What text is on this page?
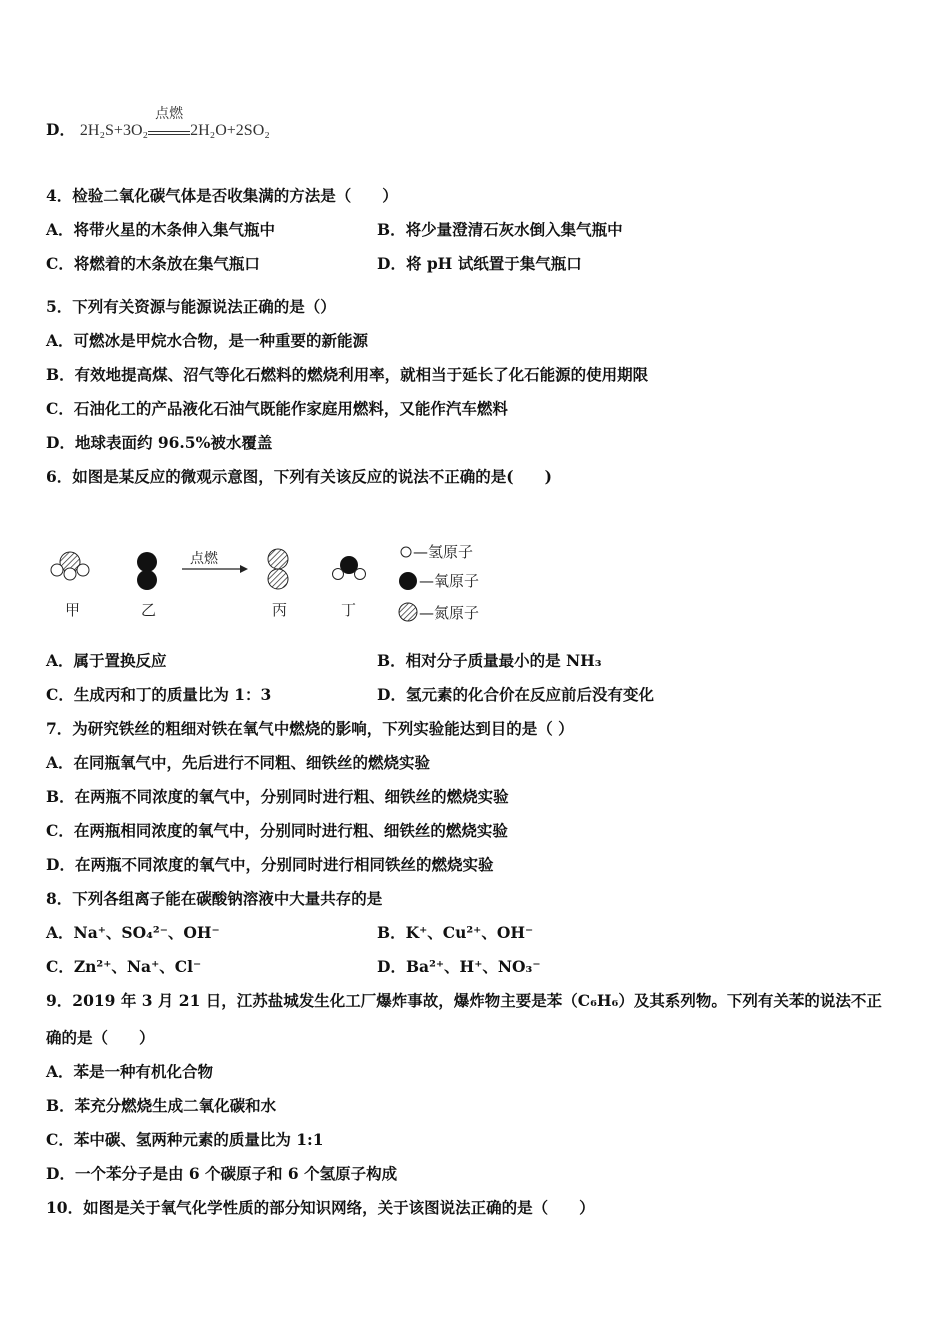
D． 2H₂S+3O₂
点燃
2H₂O+2SO₂
4．检验二氧化碳气体是否收集满的方法是（　　）
A．将带火星的木条伸入集气瓶中	B．将少量澄清石灰水倒入集气瓶中
C．将燃着的木条放在集气瓶口	D．将 pH 试纸置于集气瓶口
5．下列有关资源与能源说法正确的是（）
A．可燃冰是甲烷水合物，是一种重要的新能源
B．有效地提高煤、沼气等化石燃料的燃烧利用率，就相当于延长了化石能源的使用期限
C．石油化工的产品液化石油气既能作家庭用燃料，又能作汽车燃料
D．地球表面约 96.5%被水覆盖
6．如图是某反应的微观示意图，下列有关该反应的说法不正确的是(　　)
点燃
甲	乙	丙	丁
—氢原子
—氧原子
—氮原子
A．属于置换反应	B．相对分子质量最小的是 NH₃
C．生成丙和丁的质量比为 1：3	D．氢元素的化合价在反应前后没有变化
7．为研究铁丝的粗细对铁在氧气中燃烧的影响，下列实验能达到目的是（ ）
A．在同瓶氧气中，先后进行不同粗、细铁丝的燃烧实验
B．在两瓶不同浓度的氧气中，分别同时进行粗、细铁丝的燃烧实验
C．在两瓶相同浓度的氧气中，分别同时进行粗、细铁丝的燃烧实验
D．在两瓶不同浓度的氧气中，分别同时进行相同铁丝的燃烧实验
8．下列各组离子能在碳酸钠溶液中大量共存的是
A．Na⁺、SO₄²⁻、OH⁻	B．K⁺、Cu²⁺、OH⁻
C．Zn²⁺、Na⁺、Cl⁻	D．Ba²⁺、H⁺、NO₃⁻
9．2019 年 3 月 21 日，江苏盐城发生化工厂爆炸事故，爆炸物主要是苯（C₆H₆）及其系列物。下列有关苯的说法不正
确的是（　　）
A．苯是一种有机化合物
B．苯充分燃烧生成二氧化碳和水
C．苯中碳、氢两种元素的质量比为 1:1
D．一个苯分子是由 6 个碳原子和 6 个氢原子构成
10．如图是关于氧气化学性质的部分知识网络，关于该图说法正确的是（　　）
